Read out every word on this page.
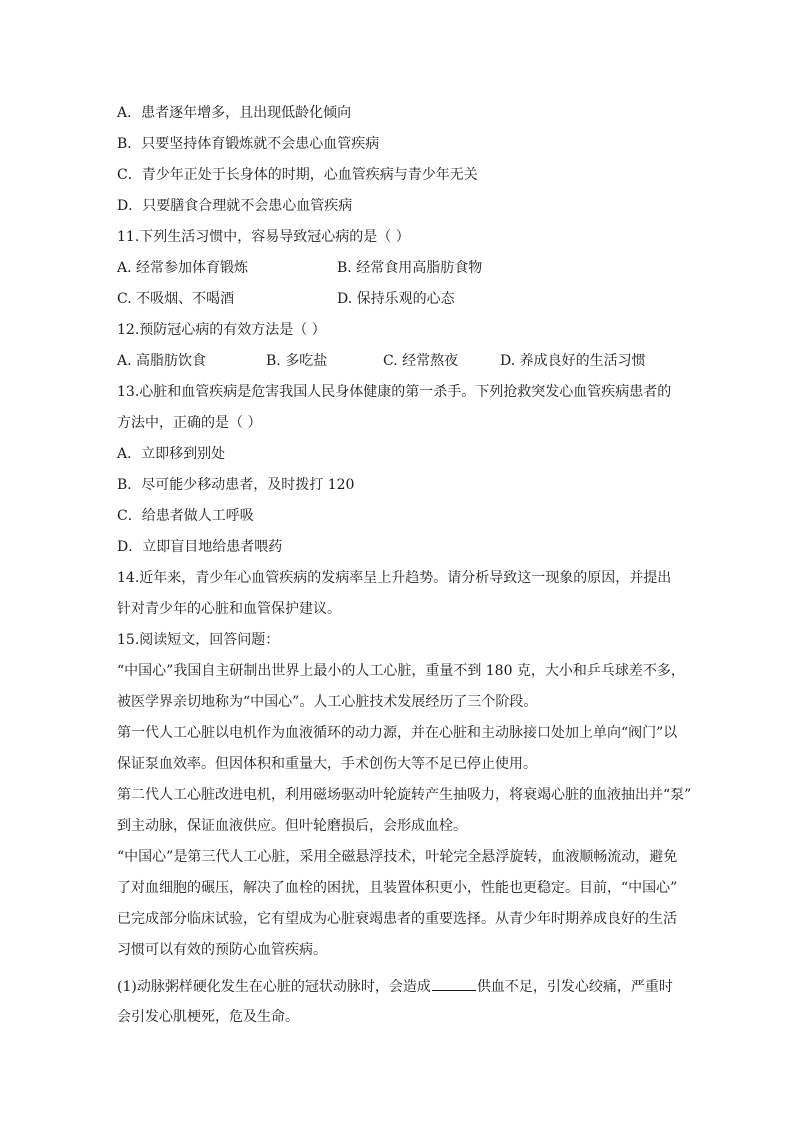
A．患者逐年增多，且出现低龄化倾向
B．只要坚持体育锻炼就不会患心血管疾病
C．青少年正处于长身体的时期，心血管疾病与青少年无关
D．只要膳食合理就不会患心血管疾病
11.下列生活习惯中，容易导致冠心病的是（ ）
A. 经常参加体育锻炼	B. 经常食用高脂肪食物
C. 不吸烟、不喝酒	D. 保持乐观的心态
12.预防冠心病的有效方法是（ ）
A. 高脂肪饮食	B. 多吃盐	C. 经常熬夜	D. 养成良好的生活习惯
13.心脏和血管疾病是危害我国人民身体健康的第一杀手。下列抢救突发心血管疾病患者的
方法中，正确的是（ ）
A．立即移到别处
B．尽可能少移动患者，及时拨打 120
C．给患者做人工呼吸
D．立即盲目地给患者喂药
14.近年来，青少年心血管疾病的发病率呈上升趋势。请分析导致这一现象的原因，并提出
针对青少年的心脏和血管保护建议。
15.阅读短文，回答问题：
“中国心”我国自主研制出世界上最小的人工心脏，重量不到 180 克，大小和乒乓球差不多，
被医学界亲切地称为“中国心”。人工心脏技术发展经历了三个阶段。
第一代人工心脏以电机作为血液循环的动力源，并在心脏和主动脉接口处加上单向“阀门”以
保证泵血效率。但因体积和重量大，手术创伤大等不足已停止使用。
第二代人工心脏改进电机，利用磁场驱动叶轮旋转产生抽吸力，将衰竭心脏的血液抽出并“泵”
到主动脉，保证血液供应。但叶轮磨损后，会形成血栓。
“中国心”是第三代人工心脏，采用全磁悬浮技术，叶轮完全悬浮旋转，血液顺畅流动，避免
了对血细胞的碾压，解决了血栓的困扰，且装置体积更小，性能也更稳定。目前，“中国心”
已完成部分临床试验，它有望成为心脏衰竭患者的重要选择。从青少年时期养成良好的生活
习惯可以有效的预防心血管疾病。
(1)动脉粥样硬化发生在心脏的冠状动脉时，会造成	供血不足，引发心绞痛，严重时
会引发心肌梗死，危及生命。
